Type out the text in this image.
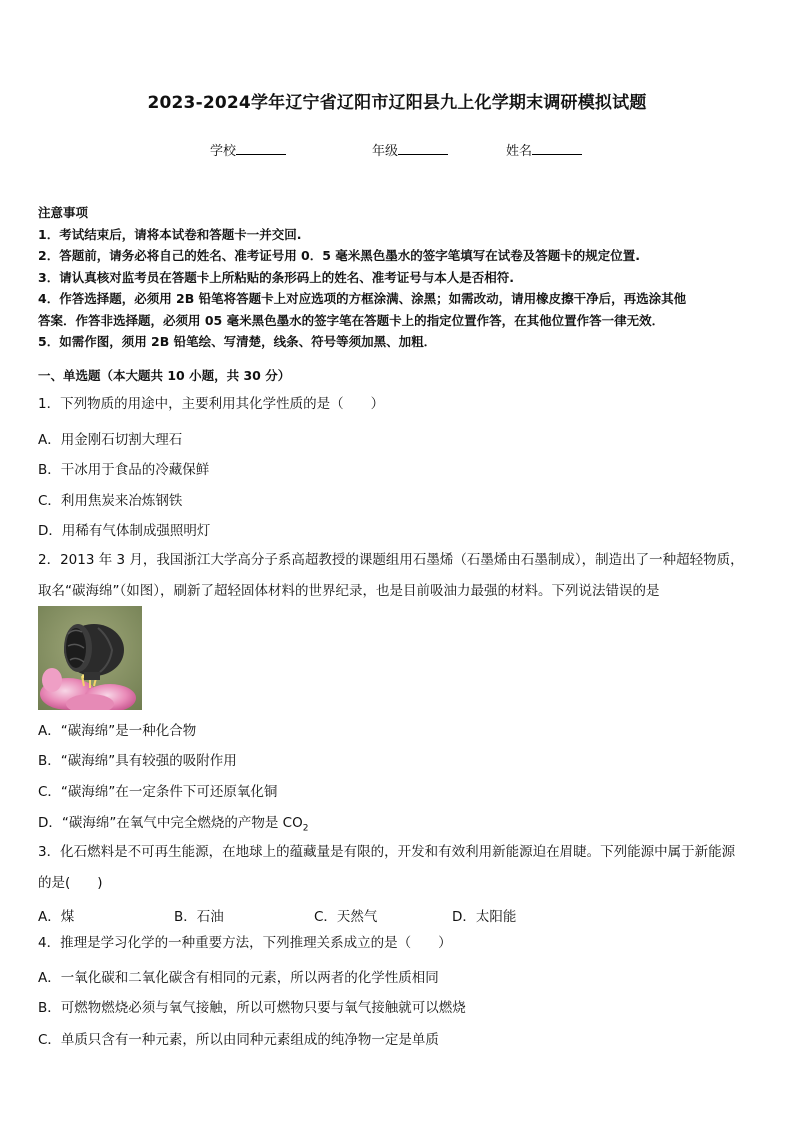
2023-2024学年辽宁省辽阳市辽阳县九上化学期末调研模拟试题
学校	年级	姓名
注意事项
1．考试结束后，请将本试卷和答题卡一并交回.
2．答题前，请务必将自己的姓名、准考证号用 0．5 毫米黑色墨水的签字笔填写在试卷及答题卡的规定位置.
3．请认真核对监考员在答题卡上所粘贴的条形码上的姓名、准考证号与本人是否相符.
4．作答选择题，必须用 2B 铅笔将答题卡上对应选项的方框涂满、涂黑；如需改动，请用橡皮擦干净后，再选涂其他
答案．作答非选择题，必须用 05 毫米黑色墨水的签字笔在答题卡上的指定位置作答，在其他位置作答一律无效．
5．如需作图，须用 2B 铅笔绘、写清楚，线条、符号等须加黑、加粗．
一、单选题（本大题共 10 小题，共 30 分）
1．下列物质的用途中，主要利用其化学性质的是（　　）
A．用金刚石切割大理石
B．干冰用于食品的冷藏保鲜
C．利用焦炭来冶炼钢铁
D．用稀有气体制成强照明灯
2．2013 年 3 月，我国浙江大学高分子系高超教授的课题组用石墨烯（石墨烯由石墨制成），制造出了一种超轻物质，
取名“碳海绵”（如图），刷新了超轻固体材料的世界纪录，也是目前吸油力最强的材料。下列说法错误的是
A．“碳海绵”是一种化合物
B．“碳海绵”具有较强的吸附作用
C．“碳海绵”在一定条件下可还原氧化铜
D．“碳海绵”在氧气中完全燃烧的产物是 $CO_2$
3．化石燃料是不可再生能源，在地球上的蕴藏量是有限的，开发和有效利用新能源迫在眉睫。下列能源中属于新能源
的是(　　)
A．煤	B．石油	C．天然气	D．太阳能
4．推理是学习化学的一种重要方法，下列推理关系成立的是（　　）
A．一氧化碳和二氧化碳含有相同的元素，所以两者的化学性质相同
B．可燃物燃烧必须与氧气接触，所以可燃物只要与氧气接触就可以燃烧
C．单质只含有一种元素，所以由同种元素组成的纯净物一定是单质
